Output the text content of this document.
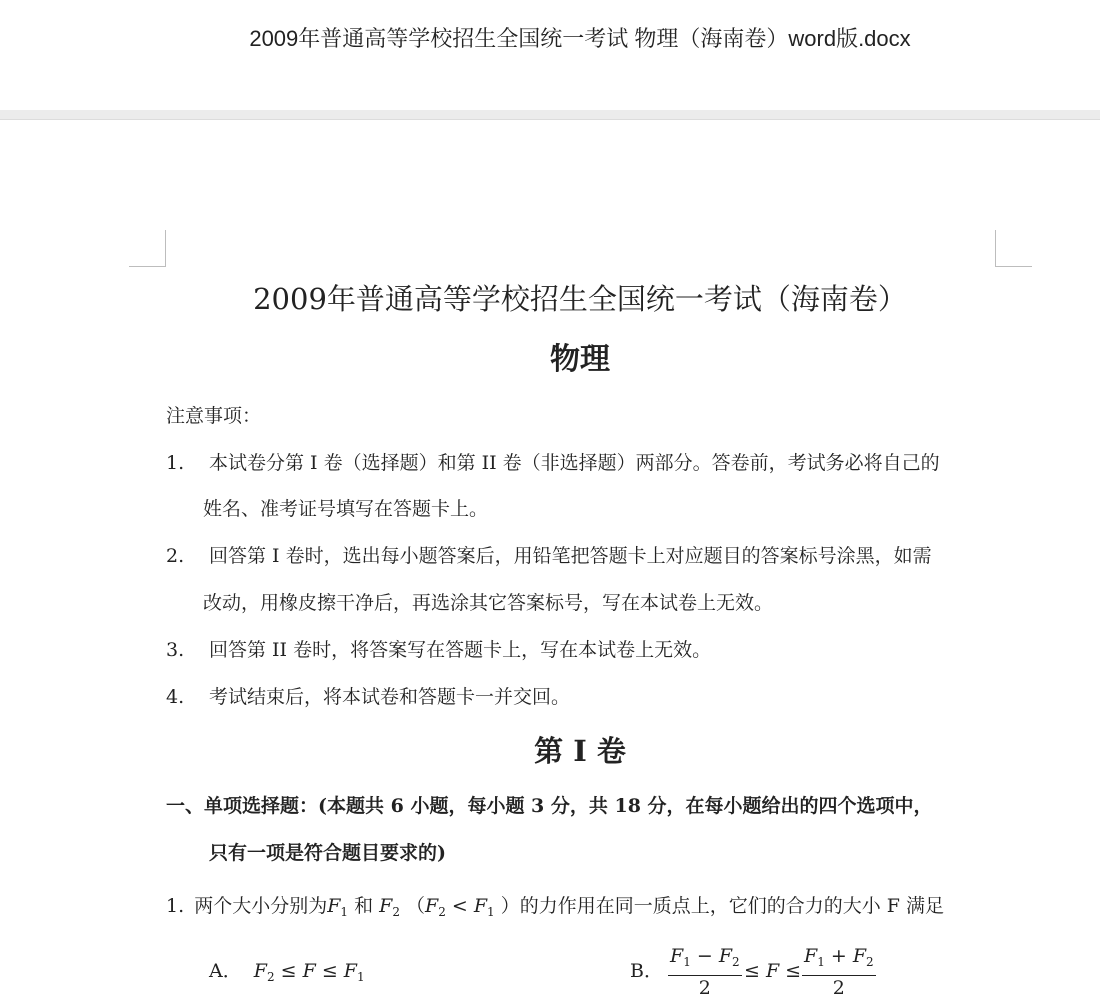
2009年普通高等学校招生全国统一考试 物理（海南卷）word版.docx
2009年普通高等学校招生全国统一考试（海南卷）
物理
注意事项：
1. 本试卷分第 I 卷（选择题）和第 II 卷（非选择题）两部分。答卷前，考试务必将自己的
姓名、准考证号填写在答题卡上。
2. 回答第 I 卷时，选出每小题答案后，用铅笔把答题卡上对应题目的答案标号涂黑，如需
改动，用橡皮擦干净后，再选涂其它答案标号，写在本试卷上无效。
3. 回答第 II 卷时，将答案写在答题卡上，写在本试卷上无效。
4. 考试结束后，将本试卷和答题卡一并交回。
第 I 卷
一、单项选择题：(本题共 6 小题，每小题 3 分，共 18 分，在每小题给出的四个选项中，
只有一项是符合题目要求的)
1. 两个大小分别为$F_1$ 和 $F_2$ （$F_2 < F_1$ ）的力作用在同一质点上，它们的合力的大小 F 满足
A． $F_2 \le F \le F_1$	B． $\frac{F_1 - F_2}{2} \le F \le \frac{F_1 + F_2}{2}$
